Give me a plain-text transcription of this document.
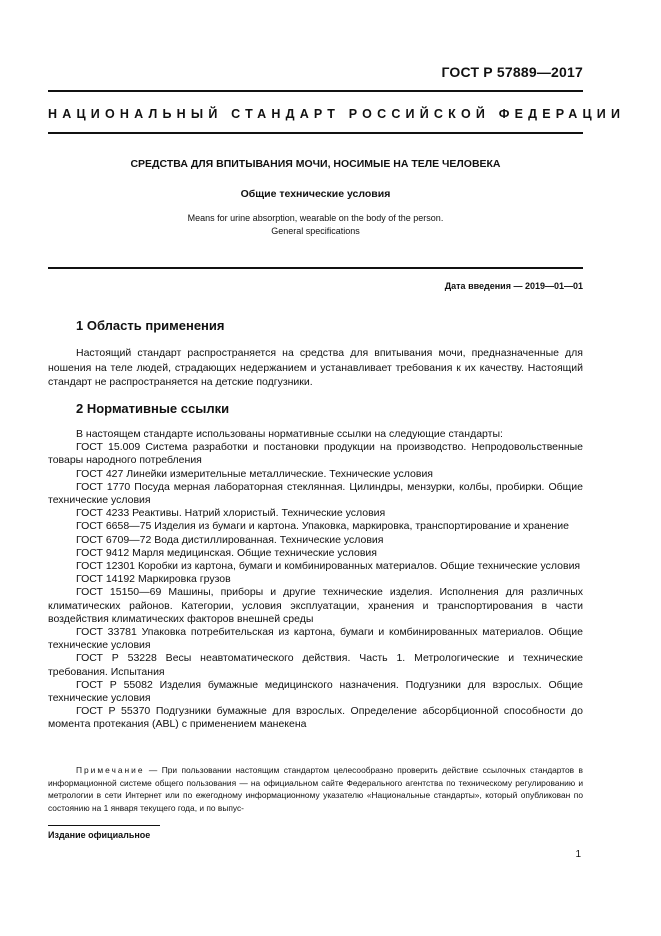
ГОСТ Р 57889—2017
НАЦИОНАЛЬНЫЙ СТАНДАРТ РОССИЙСКОЙ ФЕДЕРАЦИИ
СРЕДСТВА ДЛЯ ВПИТЫВАНИЯ МОЧИ, НОСИМЫЕ НА ТЕЛЕ ЧЕЛОВЕКА
Общие технические условия
Means for urine absorption, wearable on the body of the person.
General specifications
Дата введения — 2019—01—01
1 Область применения
Настоящий стандарт распространяется на средства для впитывания мочи, предназначенные для ношения на теле людей, страдающих недержанием и устанавливает требования к их качеству. Настоящий стандарт не распространяется на детские подгузники.
2 Нормативные ссылки

В настоящем стандарте использованы нормативные ссылки на следующие стандарты:

ГОСТ 15.009 Система разработки и постановки продукции на производство. Непродовольственные товары народного потребления

ГОСТ 427 Линейки измерительные металлические. Технические условия

ГОСТ 1770 Посуда мерная лабораторная стеклянная. Цилиндры, мензурки, колбы, пробирки. Общие технические условия

ГОСТ 4233 Реактивы. Натрий хлористый. Технические условия

ГОСТ 6658—75 Изделия из бумаги и картона. Упаковка, маркировка, транспортирование и хранение

ГОСТ 6709—72 Вода дистиллированная. Технические условия

ГОСТ 9412 Марля медицинская. Общие технические условия

ГОСТ 12301 Коробки из картона, бумаги и комбинированных материалов. Общие технические условия

ГОСТ 14192 Маркировка грузов

ГОСТ 15150—69 Машины, приборы и другие технические изделия. Исполнения для различных климатических районов. Категории, условия эксплуатации, хранения и транспортирования в части воздействия климатических факторов внешней среды

ГОСТ 33781 Упаковка потребительская из картона, бумаги и комбинированных материалов. Общие технические условия

ГОСТ Р 53228 Весы неавтоматического действия. Часть 1. Метрологические и технические требования. Испытания

ГОСТ Р 55082 Изделия бумажные медицинского назначения. Подгузники для взрослых. Общие технические условия

ГОСТ Р 55370 Подгузники бумажные для взрослых. Определение абсорбционной способности до момента протекания (ABL) с применением манекена

Примечание — При пользовании настоящим стандартом целесообразно проверить действие ссылочных стандартов в информационной системе общего пользования — на официальном сайте Федерального агентства по техническому регулированию и метрологии в сети Интернет или по ежегодному информационному указателю «Национальные стандарты», который опубликован по состоянию на 1 января текущего года, и по выпус-
Издание официальное
1
